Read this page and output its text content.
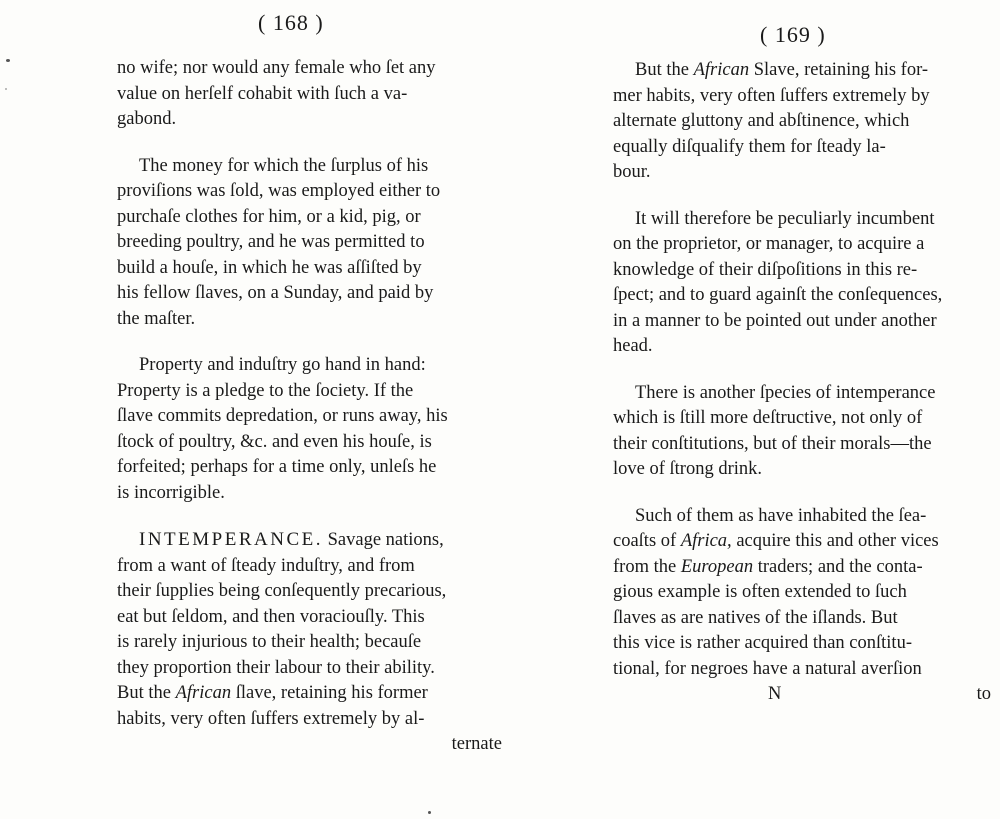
( 168 )

no wife; nor would any female who ſet any

value on herſelf cohabit with ſuch a va-

gabond.

The money for which the ſurplus of his

proviſions was ſold, was employed either to

purchaſe clothes for him, or a kid, pig, or

breeding poultry, and he was permitted to

build a houſe, in which he was aſſiſted by

his fellow ſlaves, on a Sunday, and paid by

the maſter.

Property and induſtry go hand in hand:

Property is a pledge to the ſociety. If the

ſlave commits depredation, or runs away, his

ſtock of poultry, &c. and even his houſe, is

forfeited; perhaps for a time only, unleſs he

is incorrigible.

INTEMPERANCE. Savage nations,

from a want of ſteady induſtry, and from

their ſupplies being conſequently precarious,

eat but ſeldom, and then voraciouſly. This

is rarely injurious to their health; becauſe

they proportion their labour to their ability.

But the African ſlave, retaining his former

habits, very often ſuffers extremely by al-

ternate
( 169 )

But the African Slave, retaining his for-

mer habits, very often ſuffers extremely by

alternate gluttony and abſtinence, which

equally diſqualify them for ſteady la-

bour.

It will therefore be peculiarly incumbent

on the proprietor, or manager, to acquire a

knowledge of their diſpoſitions in this re-

ſpect; and to guard againſt the conſequences,

in a manner to be pointed out under another

head.

There is another ſpecies of intemperance

which is ſtill more deſtructive, not only of

their conſtitutions, but of their morals—the

love of ſtrong drink.

Such of them as have inhabited the ſea-

coaſts of Africa, acquire this and other vices

from the European traders; and the conta-

gious example is often extended to ſuch

ſlaves as are natives of the iſlands. But

this vice is rather acquired than conſtitu-

tional, for negroes have a natural averſion

N	to
